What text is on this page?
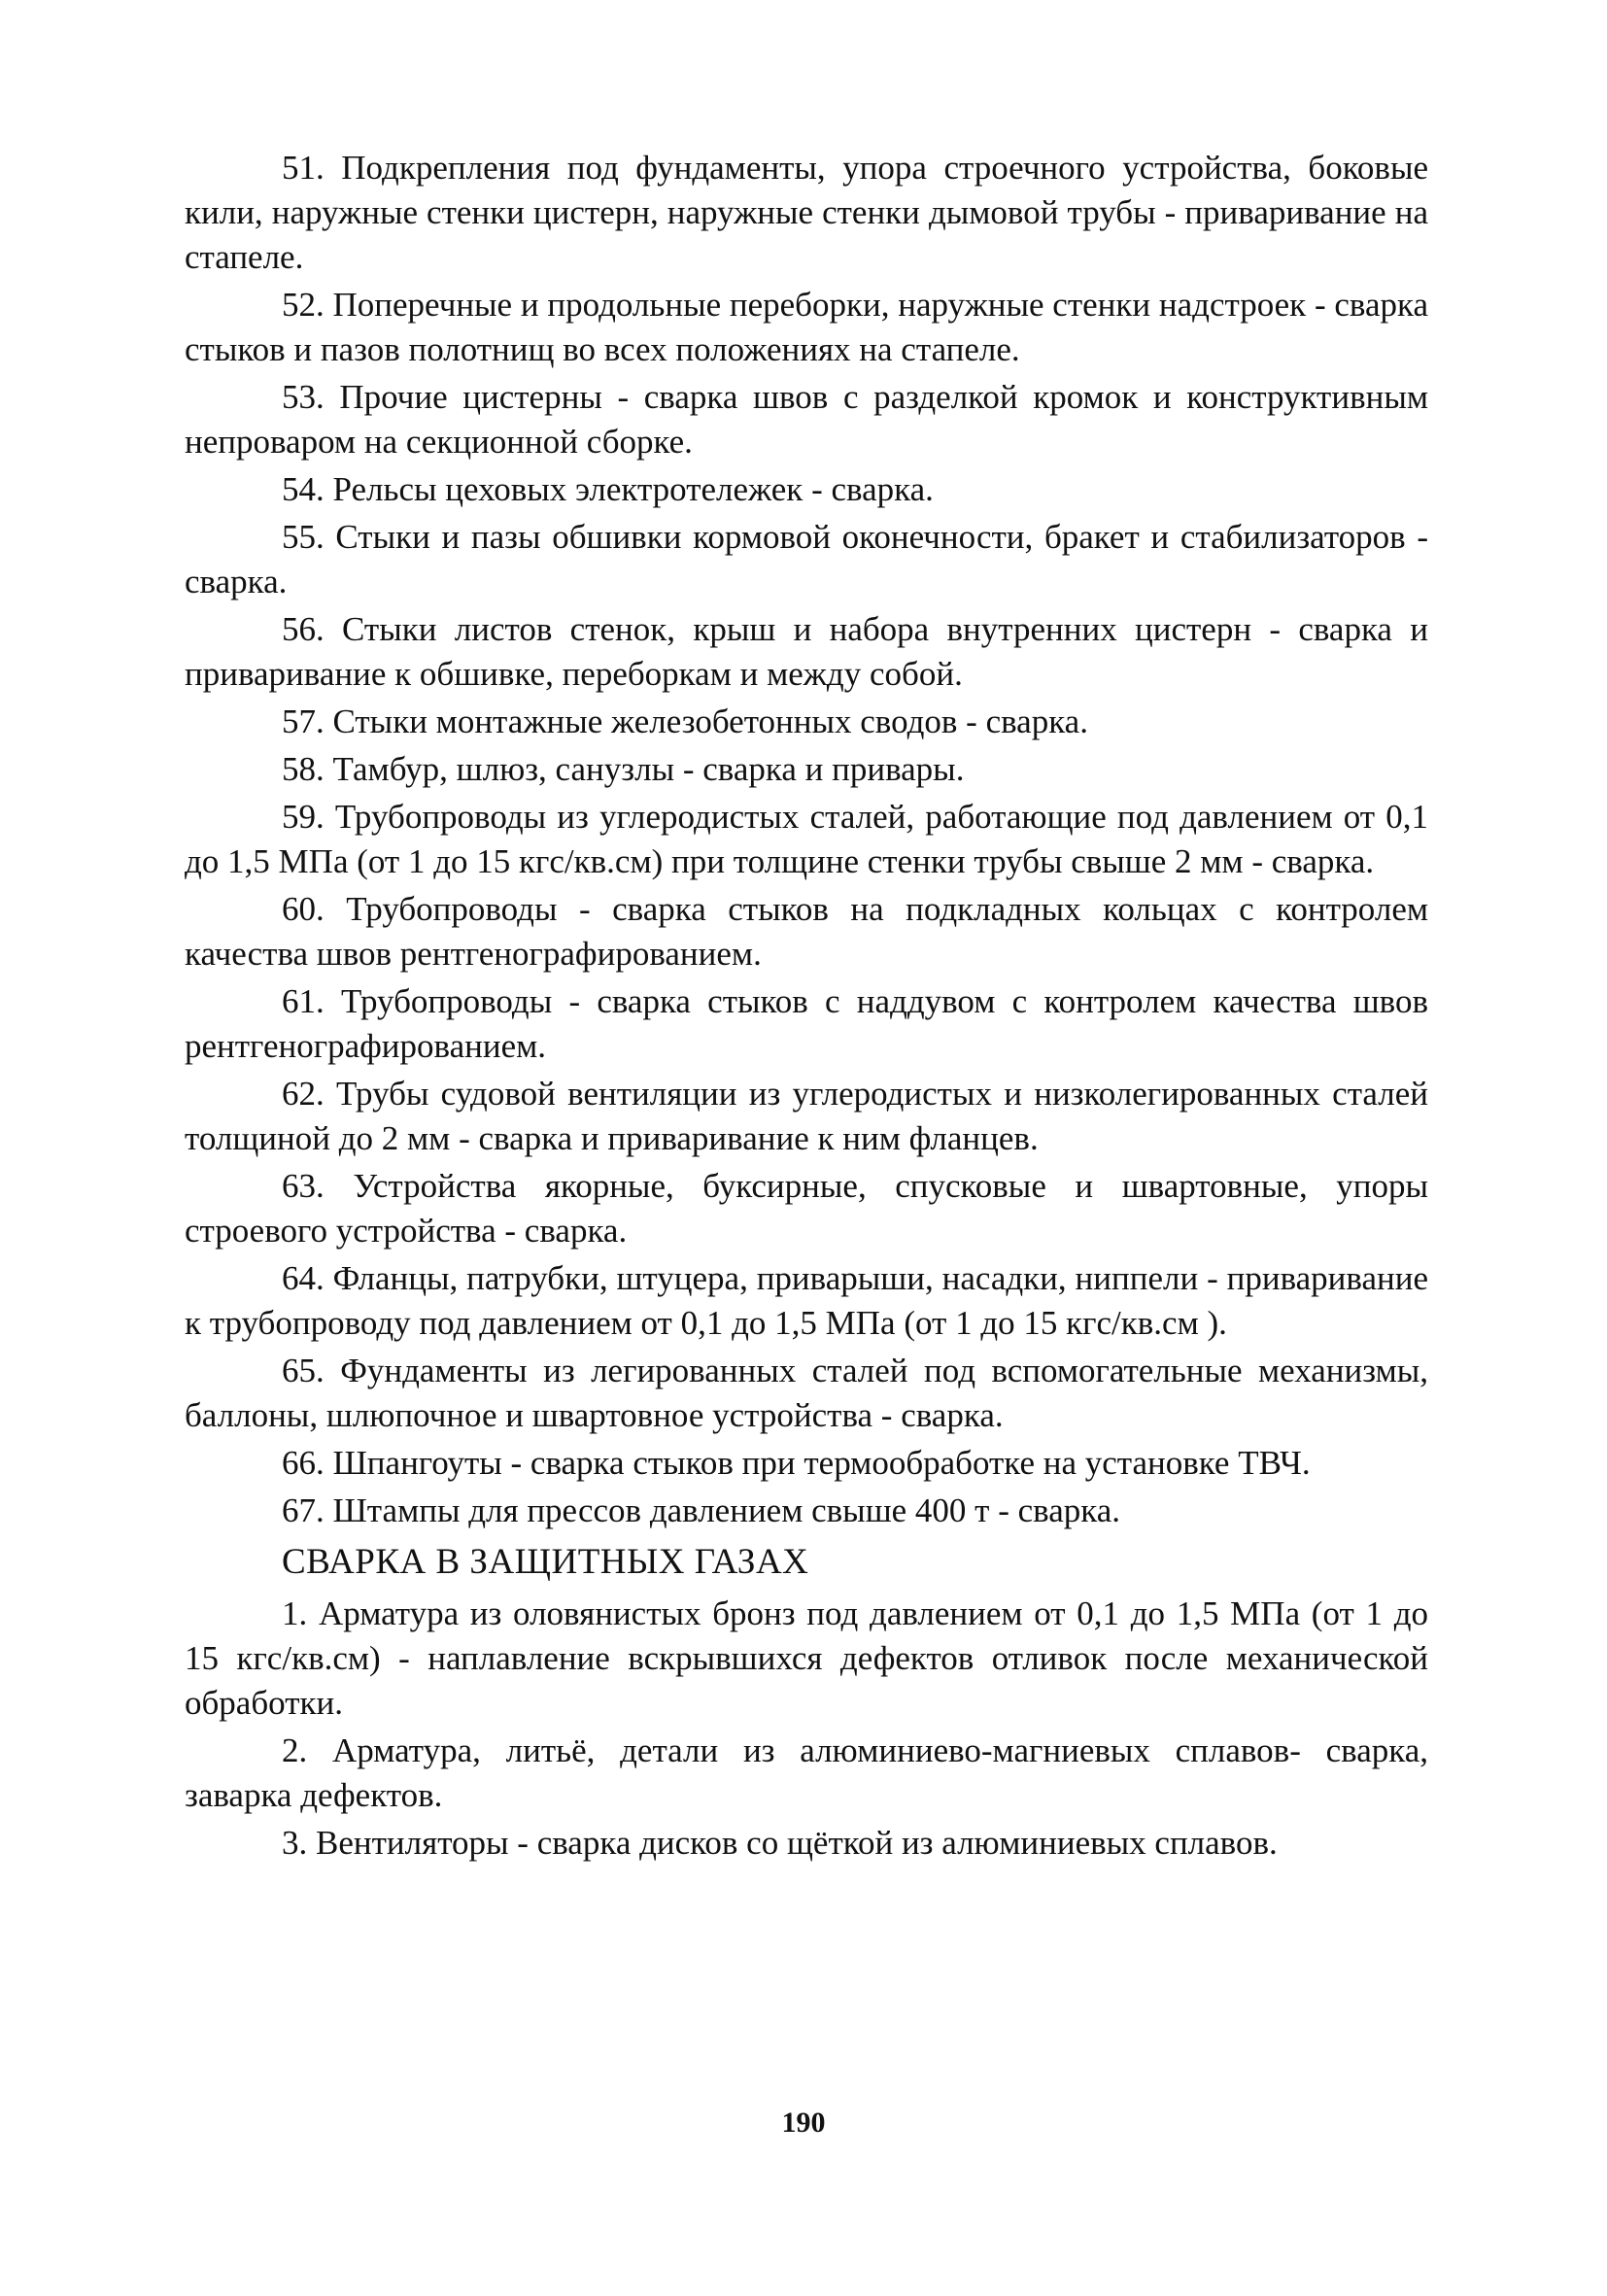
51. Подкрепления под фундаменты, упора строечного устройства, боковые кили, наружные стенки цистерн, наружные стенки дымовой трубы - приваривание на стапеле.

52. Поперечные и продольные переборки, наружные стенки надстроек - сварка стыков и пазов полотнищ во всех положениях на стапеле.

53. Прочие цистерны - сварка швов с разделкой кромок и конструктивным непроваром на секционной сборке.

54. Рельсы цеховых электротележек - сварка.

55. Стыки и пазы обшивки кормовой оконечности, бракет и стабилизаторов - сварка.

56. Стыки листов стенок, крыш и набора внутренних цистерн - сварка и приваривание к обшивке, переборкам и между собой.

57. Стыки монтажные железобетонных сводов - сварка.

58. Тамбур, шлюз, санузлы - сварка и привары.

59. Трубопроводы из углеродистых сталей, работающие под давлением от 0,1 до 1,5 МПа (от 1 до 15 кгс/кв.см) при толщине стенки трубы свыше 2 мм - сварка.

60. Трубопроводы - сварка стыков на подкладных кольцах с контролем качества швов рентгенографированием.

61. Трубопроводы - сварка стыков с наддувом с контролем качества швов рентгенографированием.

62. Трубы судовой вентиляции из углеродистых и низколегированных сталей толщиной до 2 мм - сварка и приваривание к ним фланцев.

63. Устройства якорные, буксирные, спусковые и швартовные, упоры строевого устройства - сварка.

64. Фланцы, патрубки, штуцера, приварыши, насадки, ниппели - приваривание к трубопроводу под давлением от 0,1 до 1,5 МПа (от 1 до 15 кгс/кв.см ).

65. Фундаменты из легированных сталей под вспомогательные механизмы, баллоны, шлюпочное и швартовное устройства - сварка.

66. Шпангоуты - сварка стыков при термообработке на установке ТВЧ.

67. Штампы для прессов давлением свыше 400 т - сварка.

СВАРКА В ЗАЩИТНЫХ ГАЗАХ

1. Арматура из оловянистых бронз под давлением от 0,1 до 1,5 МПа (от 1 до 15 кгс/кв.см) - наплавление вскрывшихся дефектов отливок после механической обработки.

2. Арматура, литьё, детали из алюминиево-магниевых сплавов- сварка, заварка дефектов.

3. Вентиляторы - сварка дисков со щёткой из алюминиевых сплавов.

190
